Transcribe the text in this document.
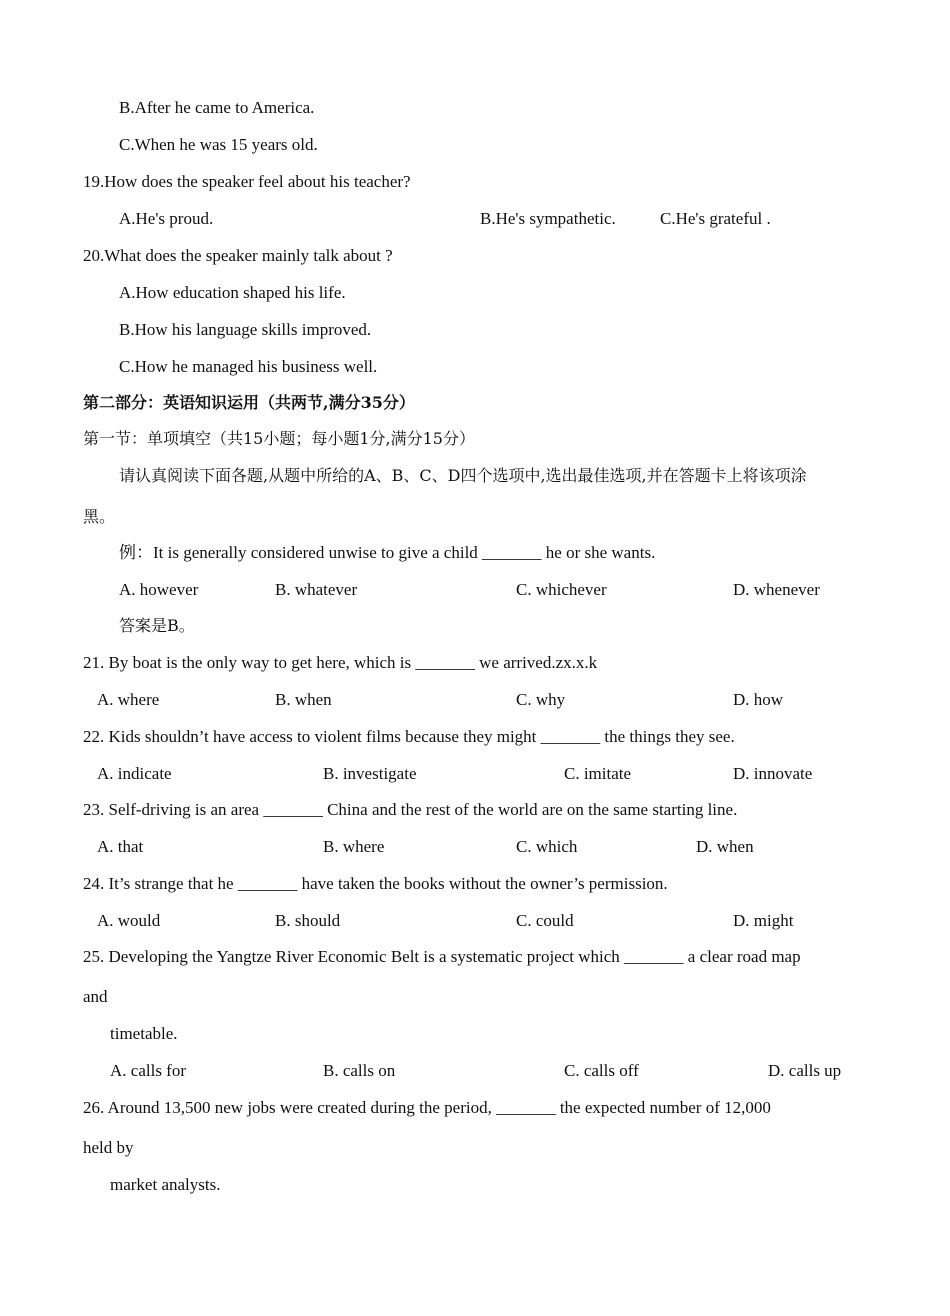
B.After he came to America.
C.When he was 15 years old.
19.How does the speaker feel about his teacher?
A.He's proud.	B.He's sympathetic.	C.He's grateful .
20.What does the speaker mainly talk about ?
A.How education shaped his life.
B.How his language skills improved.
C.How he managed his business well.
第二部分：英语知识运用（共两节,满分35分）
第一节：单项填空（共15小题；每小题1分,满分15分）
请认真阅读下面各题,从题中所给的A、B、C、D四个选项中,选出最佳选项,并在答题卡上将该项涂
黑。
例：It is generally considered unwise to give a child _______ he or she wants.
A. however	B. whatever	C. whichever	D. whenever
答案是B。
21. By boat is the only way to get here, which is _______ we arrived.zx.x.k
A. where	B. when	C. why	D. how
22. Kids shouldn’t have access to violent films because they might _______ the things they see.
A. indicate	B. investigate	C. imitate	D. innovate
23. Self-driving is an area _______ China and the rest of the world are on the same starting line.
A. that	B. where	C. which	D. when
24. It’s strange that he _______ have taken the books without the owner’s permission.
A. would	B. should	C. could	D. might
25. Developing the Yangtze River Economic Belt is a systematic project which _______ a clear road map
and
timetable.
A. calls for	B. calls on	C. calls off	D. calls up
26. Around 13,500 new jobs were created during the period, _______ the expected number of 12,000
held by
market analysts.
